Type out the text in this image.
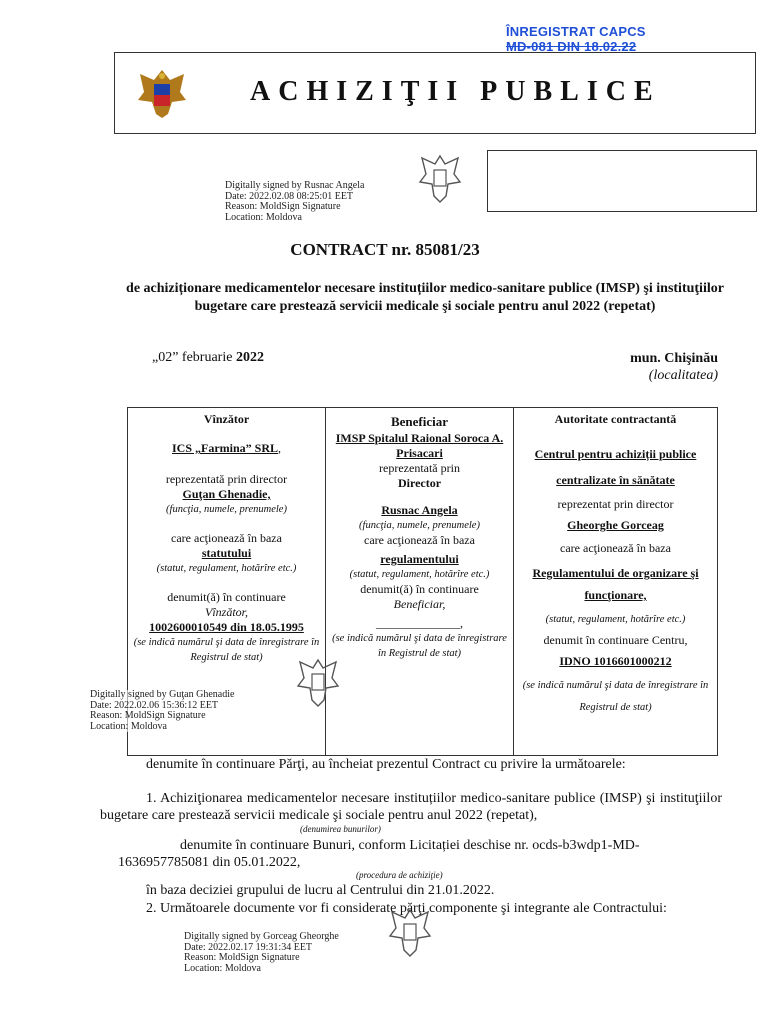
ÎNREGISTRAT CAPCS
MD-081 DIN 18.02.22
ACHIZIŢII PUBLICE
Digitally signed by Rusnac Angela
Date: 2022.02.08 08:25:01 EET
Reason: MoldSign Signature
Location: Moldova
CONTRACT nr. 85081/23
de achiziționare medicamentelor necesare instituțiilor medico-sanitare publice (IMSP) şi instituţiilor bugetare care prestează servicii medicale şi sociale pentru anul 2022 (repetat)
„02” februarie 2022	mun. Chişinău
(localitatea)
Vînzător
ICS „Farmina” SRL,
reprezentată prin director
Guţan Ghenadie,
(funcţia, numele, prenumele)
care acţionează în baza
statutului
(statut, regulament, hotărîre etc.)
denumit(ă) în continuare
Vînzător,
1002600010549 din 18.05.1995
(se indică numărul şi data de înregistrare în Registrul de stat)

Beneficiar
IMSP Spitalul Raional Soroca A. Prisacari
reprezentată prin
Director
Rusnac Angela
(funcţia, numele, prenumele)
care acţionează în baza
regulamentului
(statut, regulament, hotărîre etc.)
denumit(ă) în continuare
Beneficiar,
______________,
(se indică numărul şi data de înregistrare în Registrul de stat)

Autoritate contractantă
Centrul pentru achiziții publice centralizate în sănătate
reprezentat prin director
Gheorghe Gorceag
care acţionează în baza
Regulamentului de organizare şi funcţionare,
(statut, regulament, hotărîre etc.)
denumit în continuare Centru,
IDNO 1016601000212
(se indică numărul şi data de înregistrare în Registrul de stat)
Digitally signed by Guţan Ghenadie
Date: 2022.02.06 15:36:12 EET
Reason: MoldSign Signature
Location: Moldova
denumite în continuare Părţi, au încheiat prezentul Contract cu privire la următoarele:
1. Achiziţionarea medicamentelor necesare instituțiilor medico-sanitare publice (IMSP) şi instituţiilor bugetare care prestează servicii medicale şi sociale pentru anul 2022 (repetat),
(denumirea bunurilor)
denumite în continuare Bunuri, conform Licitației deschise nr. ocds-b3wdp1-MD-1636957785081 din 05.01.2022,
(procedura de achiziţie)
în baza deciziei grupului de lucru al Centrului din 21.01.2022.
2. Următoarele documente vor fi considerate părţi componente şi integrante ale Contractului:
Digitally signed by Gorceag Gheorghe
Date: 2022.02.17 19:31:34 EET
Reason: MoldSign Signature
Location: Moldova
